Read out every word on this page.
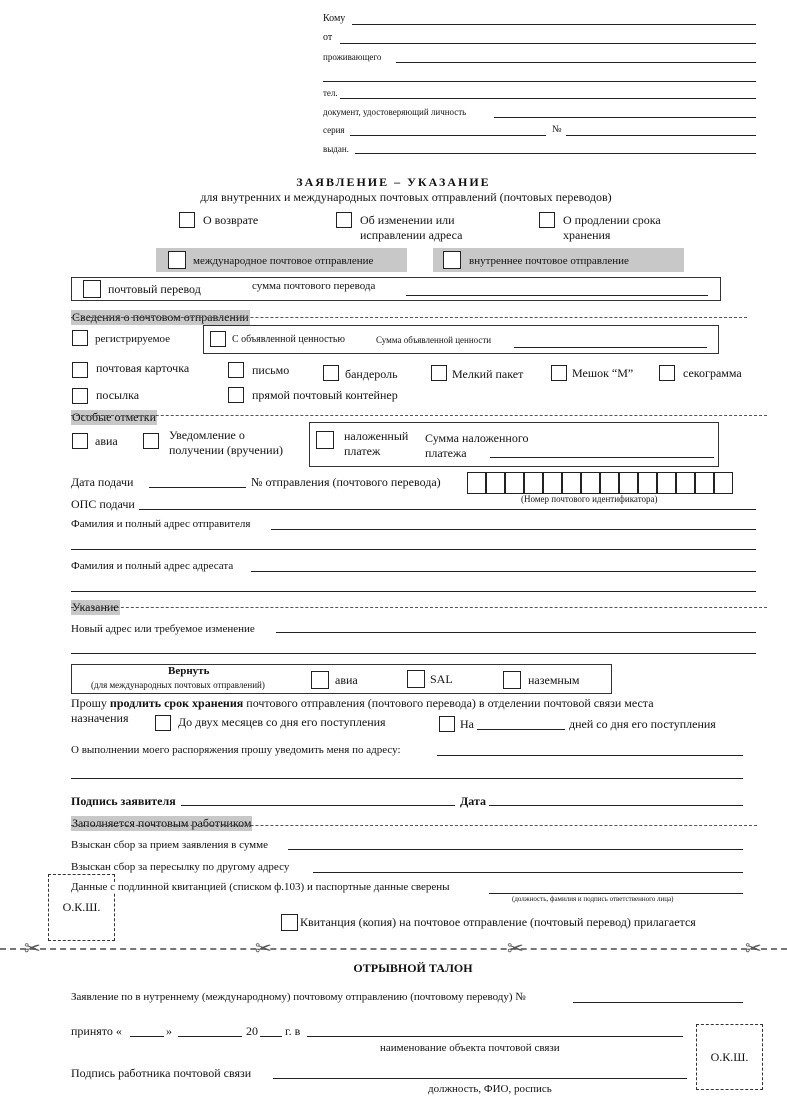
Кому
от
проживающего
тел.
документ, удостоверяющий личность
серия	№
выдан.
ЗАЯВЛЕНИЕ – УКАЗАНИЕ
для внутренних и международных почтовых отправлений (почтовых переводов)
О возврате	Об изменении или
исправлении адреса
О продлении срока
хранения
международное почтовое отправление	внутреннее почтовое отправление
почтовый перевод	сумма почтового перевода
Сведения о почтовом отправлении
регистрируемое	С объявленной ценностью	Сумма объявленной ценности
почтовая карточка	письмо	бандероль	Мелкий пакет	Мешок “М”	секограмма
посылка	прямой почтовый контейнер
Особые отметки
авиа	Уведомление о
получении (вручении)
наложенный
платеж
Сумма наложенного
платежа
Дата подачи	№ отправления (почтового перевода)
(Номер почтового идентификатора)
ОПС подачи
Фамилия и полный адрес отправителя
Фамилия и полный адрес адресата
Указание
Новый адрес или требуемое изменение
Вернуть
(для международных почтовых отправлений)	авиа	SAL	наземным
Прошу продлить срок хранения почтового отправления (почтового перевода) в отделении почтовой связи места
назначения	До двух месяцев со дня его поступления	На	дней со дня его поступления
О выполнении моего распоряжения прошу уведомить меня по адресу:
Подпись заявителя	Дата
Заполняется почтовым работником
Взыскан сбор за прием заявления в сумме
Взыскан сбор за пересылку по другому адресу
О.К.Ш.
Данные с подлинной квитанцией (списком ф.103) и паспортные данные сверены
(должность, фамилия и подпись ответственного лица)
Квитанция (копия) на почтовое отправление (почтовый перевод) прилагается
✂	✂	✂	✂
ОТРЫВНОЙ ТАЛОН
Заявление по в нутреннему (международному) почтовому отправлению (почтовому переводу) №
принято «	»	20 г. в
наименование объекта почтовой связи
Подпись работника почтовой связи
должность, ФИО, роспись
О.К.Ш.
